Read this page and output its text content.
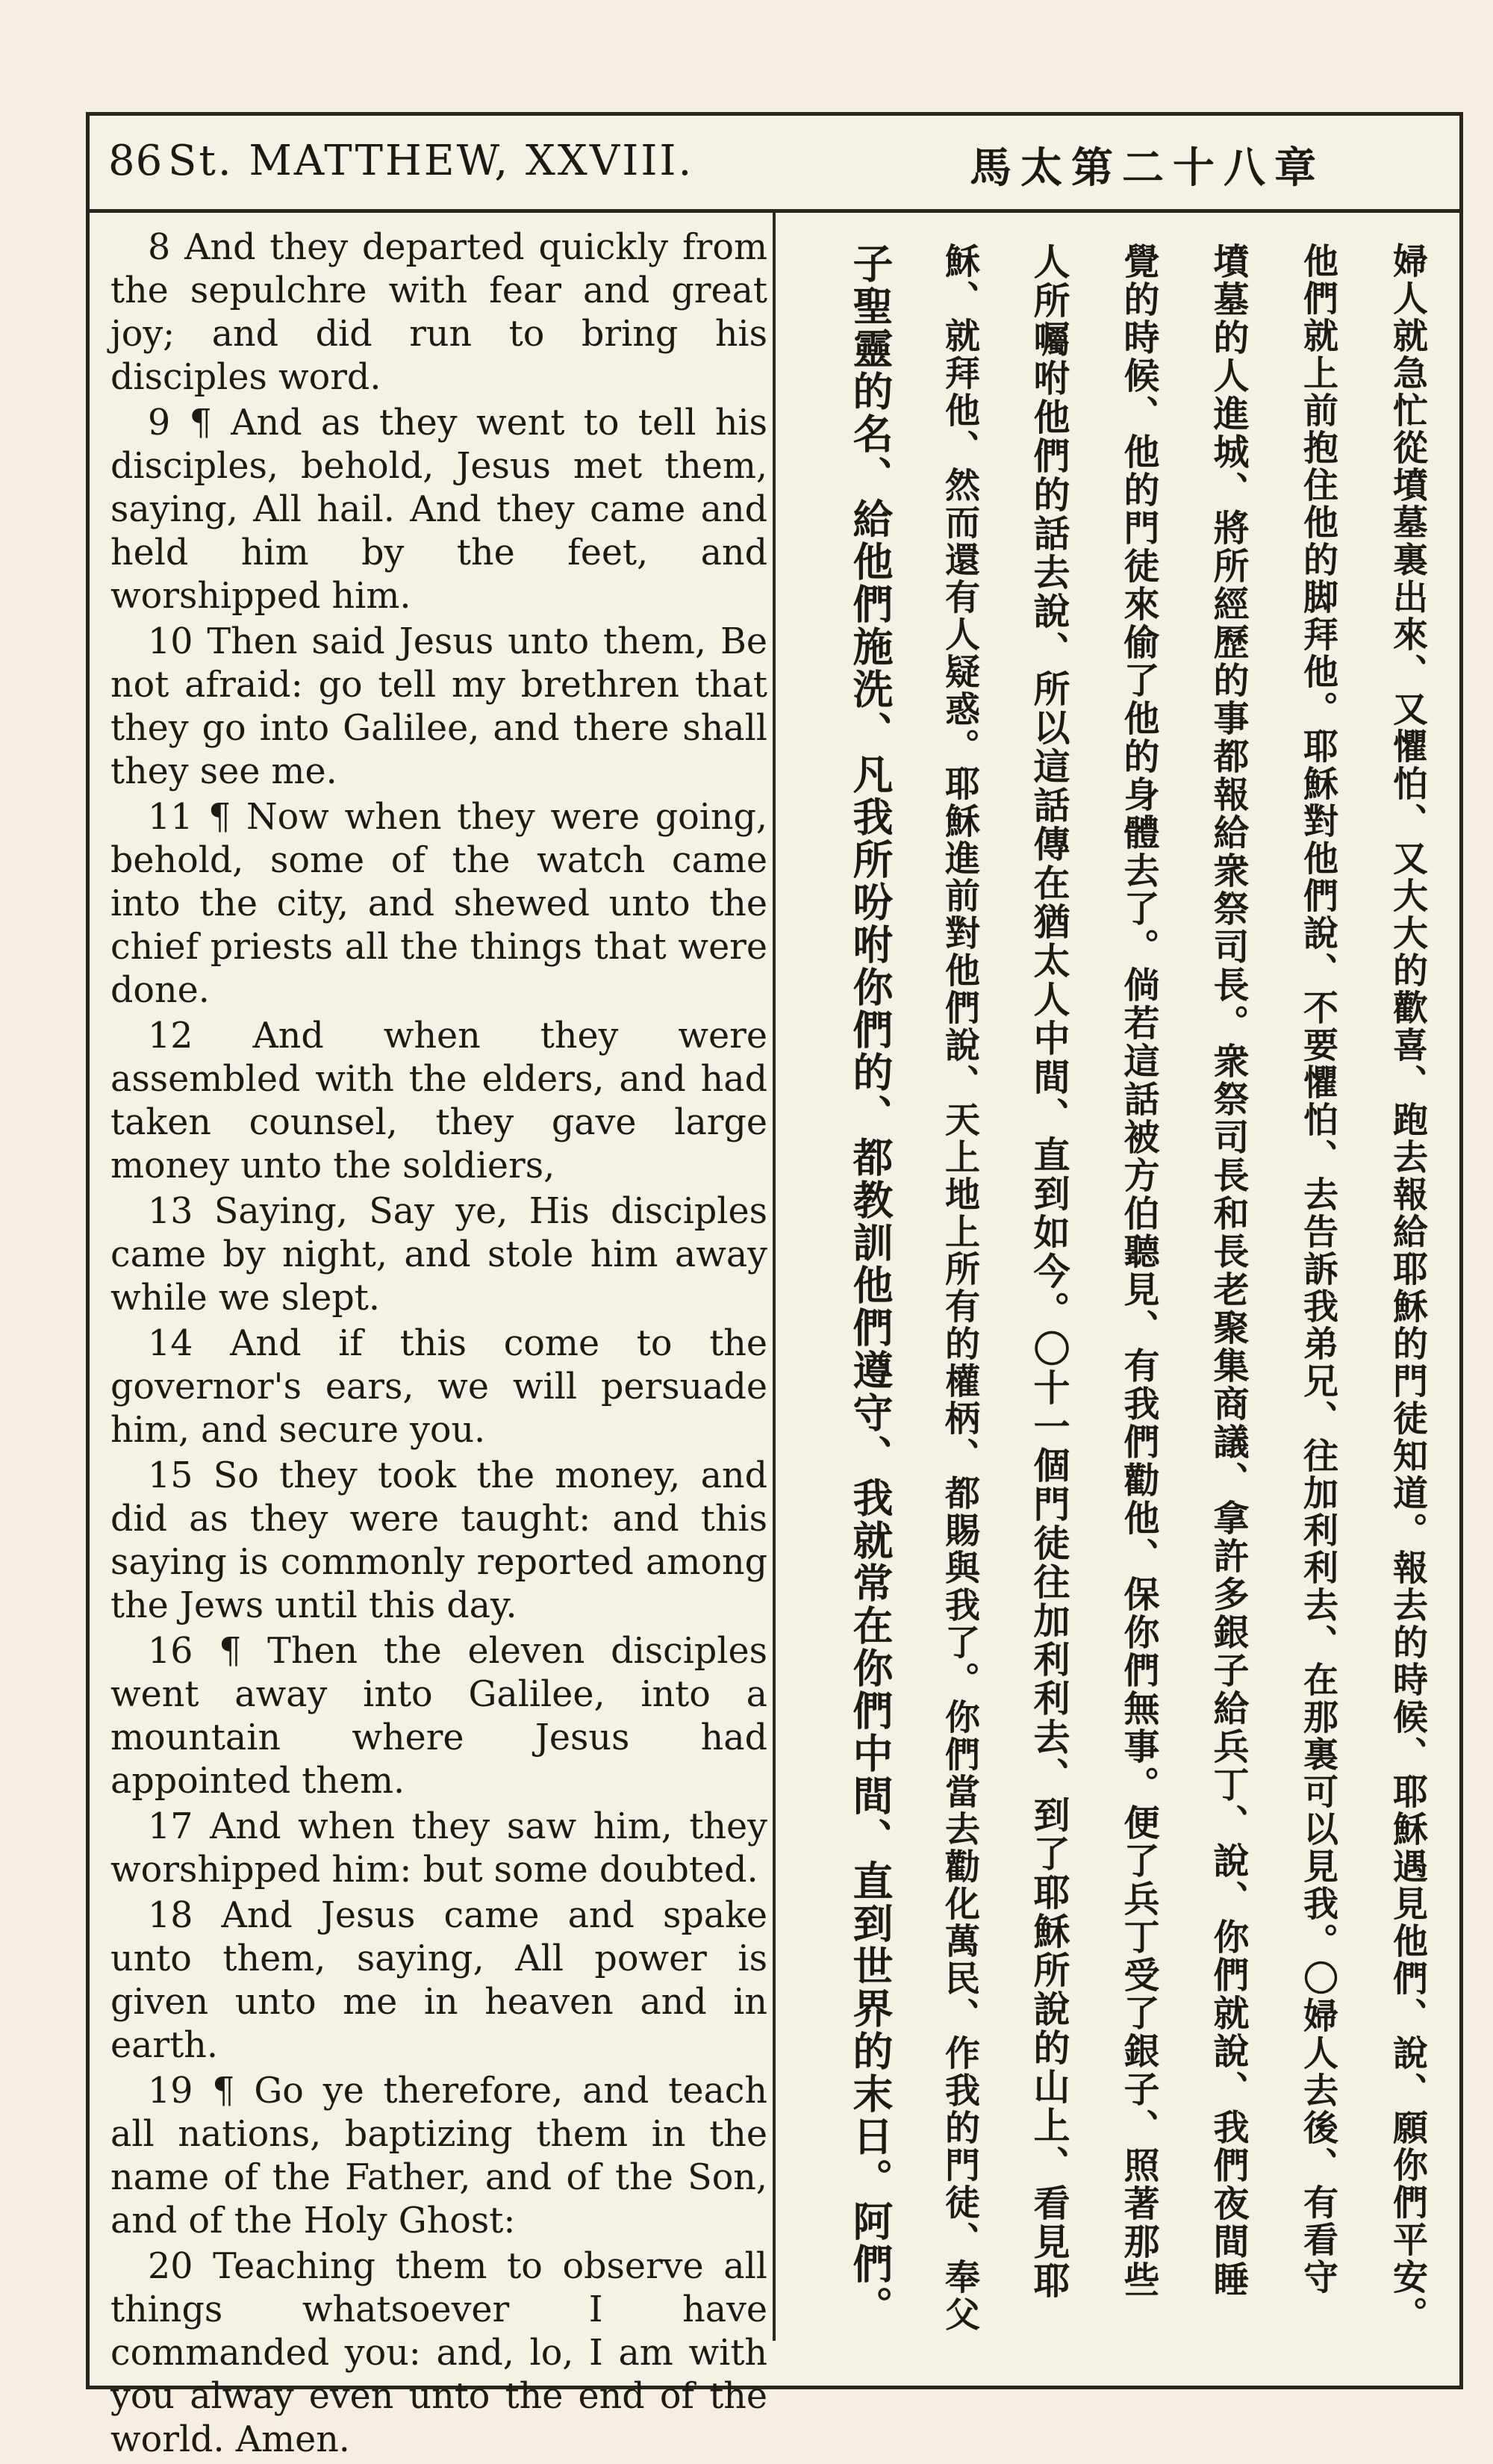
86 St. MATTHEW, XXVIII.	馬太第二十八章

8 And they departed quickly from the sepulchre with fear and great joy; and did run to bring his disciples word.

9 ¶ And as they went to tell his disciples, behold, Jesus met them, saying, All hail. And they came and held him by the feet, and worshipped him.

10 Then said Jesus unto them, Be not afraid: go tell my brethren that they go into Galilee, and there shall they see me.

11 ¶ Now when they were going, behold, some of the watch came into the city, and shewed unto the chief priests all the things that were done.

12 And when they were assembled with the elders, and had taken counsel, they gave large money unto the soldiers,

13 Saying, Say ye, His disciples came by night, and stole him away while we slept.

14 And if this come to the governor's ears, we will persuade him, and secure you.

15 So they took the money, and did as they were taught: and this saying is commonly reported among the Jews until this day.

16 ¶ Then the eleven disciples went away into Galilee, into a mountain where Jesus had appointed them.

17 And when they saw him, they worshipped him: but some doubted.

18 And Jesus came and spake unto them, saying, All power is given unto me in heaven and in earth.

19 ¶ Go ye therefore, and teach all nations, baptizing them in the name of the Father, and of the Son, and of the Holy Ghost:

20 Teaching them to observe all things whatsoever I have commanded you: and, lo, I am with you alway even unto the end of the world. Amen.

婦人就急忙從墳墓裏出來、又懼怕、又大大的歡喜、跑去報給耶穌的門徒知道。報去的時候、耶穌遇見他們、說、願你們平安。
他們就上前抱住他的脚拜他。耶穌對他們說、不要懼怕、去告訴我弟兄、往加利利去、在那裏可以見我。〇婦人去後、有看守
墳墓的人進城、將所經歷的事都報給衆祭司長。衆祭司長和長老聚集商議、拿許多銀子給兵丁、說、你們就說、我們夜間睡
覺的時候、他的門徒來偷了他的身體去了。倘若這話被方伯聽見、有我們勸他、保你們無事。便了兵丁受了銀子、照著那些
人所囑咐他們的話去說、所以這話傳在猶太人中間、直到如今。〇十一個門徒往加利利去、到了耶穌所說的山上、看見耶
穌、就拜他、然而還有人疑惑。耶穌進前對他們說、天上地上所有的權柄、都賜與我了。你們當去勸化萬民、作我的門徒、奉父
子聖靈的名、給他們施洗、凡我所吩咐你們的、都教訓他們遵守、我就常在你們中間、直到世界的末日。阿們。
